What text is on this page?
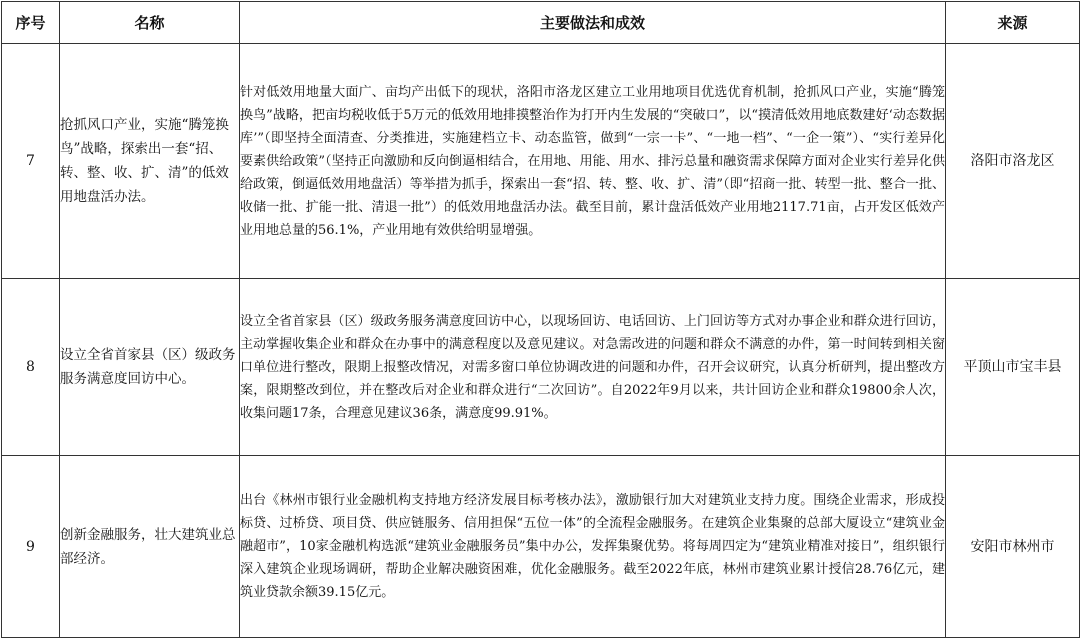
序号	名称	主要做法和成效	来源
7	抢抓风口产业，实施“腾笼换鸟”战略，探索出一套“招、转、整、收、扩、清”的低效用地盘活办法。	针对低效用地量大面广、亩均产出低下的现状，洛阳市洛龙区建立工业用地项目优选优育机制，抢抓风口产业，实施“腾笼换鸟”战略，把亩均税收低于5万元的低效用地排摸整治作为打开内生发展的“突破口”，以“摸清低效用地底数建好‘动态数据库’”（即坚持全面清查、分类推进，实施建档立卡、动态监管，做到“一宗一卡”、“一地一档”、“一企一策”）、“实行差异化要素供给政策”（坚持正向激励和反向倒逼相结合，在用地、用能、用水、排污总量和融资需求保障方面对企业实行差异化供给政策，倒逼低效用地盘活）等举措为抓手，探索出一套“招、转、整、收、扩、清”（即“招商一批、转型一批、整合一批、收储一批、扩能一批、清退一批”）的低效用地盘活办法。截至目前，累计盘活低效产业用地2117.71亩，占开发区低效产业用地总量的56.1%，产业用地有效供给明显增强。	洛阳市洛龙区
8	设立全省首家县（区）级政务服务满意度回访中心。	设立全省首家县（区）级政务服务满意度回访中心，以现场回访、电话回访、上门回访等方式对办事企业和群众进行回访，主动掌握收集企业和群众在办事中的满意程度以及意见建议。对急需改进的问题和群众不满意的办件，第一时间转到相关窗口单位进行整改，限期上报整改情况，对需多窗口单位协调改进的问题和办件，召开会议研究，认真分析研判，提出整改方案，限期整改到位，并在整改后对企业和群众进行“二次回访”。自2022年9月以来，共计回访企业和群众19800余人次，收集问题17条，合理意见建议36条，满意度99.91%。	平顶山市宝丰县
9	创新金融服务，壮大建筑业总部经济。	出台《林州市银行业金融机构支持地方经济发展目标考核办法》，激励银行加大对建筑业支持力度。围绕企业需求，形成投标贷、过桥贷、项目贷、供应链服务、信用担保“五位一体”的全流程金融服务。在建筑企业集聚的总部大厦设立“建筑业金融超市”，10家金融机构选派“建筑业金融服务员”集中办公，发挥集聚优势。将每周四定为“建筑业精准对接日”，组织银行深入建筑企业现场调研，帮助企业解决融资困难，优化金融服务。截至2022年底，林州市建筑业累计授信28.76亿元，建筑业贷款余额39.15亿元。	安阳市林州市
